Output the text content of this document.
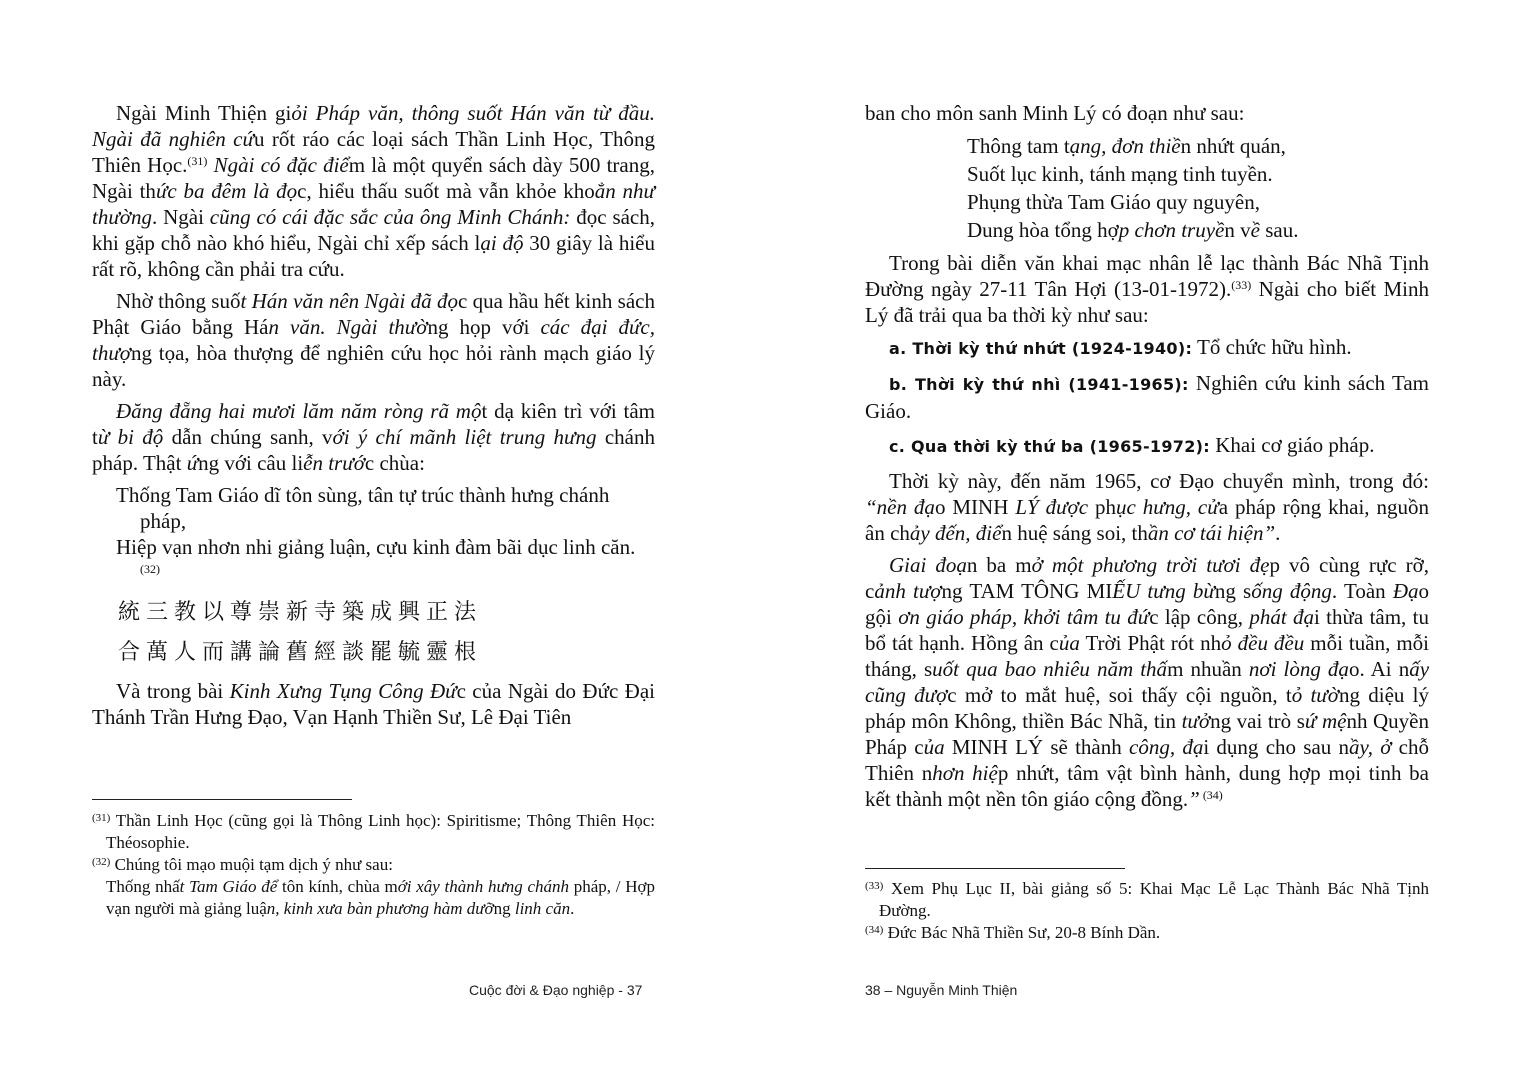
Ngài Minh Thiện giỏi Pháp văn, thông suốt Hán văn từ đầu. Ngài đã nghiên cứu rốt ráo các loại sách Thần Linh Học, Thông Thiên Học.$^{(31)}$ Ngài có đặc điểm là một quyển sách dày 500 trang, Ngài thức ba đêm là đọc, hiểu thấu suốt mà vẫn khỏe khoẳn như thường. Ngài cũng có cái đặc sắc của ông Minh Chánh: đọc sách, khi gặp chỗ nào khó hiểu, Ngài chỉ xếp sách lại độ 30 giây là hiểu rất rõ, không cần phải tra cứu.

Nhờ thông suốt Hán văn nên Ngài đã đọc qua hầu hết kinh sách Phật Giáo bằng Hán văn. Ngài thường họp với các đại đức, thượng tọa, hòa thượng để nghiên cứu học hỏi rành mạch giáo lý này.

Đăng đẵng hai mươi lăm năm ròng rã một dạ kiên trì với tâm từ bi độ dẫn chúng sanh, với ý chí mãnh liệt trung hưng chánh pháp. Thật ứng với câu liễn trước chùa:

Thống Tam Giáo dĩ tôn sùng, tân tự trúc thành hưng chánh pháp,

Hiệp vạn nhơn nhi giảng luận, cựu kinh đàm bãi dục linh căn.$^{(32)}$

統三教以尊崇新寺築成興正法

合萬人而講論舊經談罷毓靈根

Và trong bài Kinh Xưng Tụng Công Đức của Ngài do Đức Đại Thánh Trần Hưng Đạo, Vạn Hạnh Thiền Sư, Lê Đại Tiên

$^{(31)}$ Thần Linh Học (cũng gọi là Thông Linh học): Spiritisme; Thông Thiên Học: Théosophie.

$^{(32)}$ Chúng tôi mạo muội tạm dịch ý như sau:

Thống nhất Tam Giáo để tôn kính, chùa mới xây thành hưng chánh pháp, / Hợp vạn người mà giảng luận, kinh xưa bàn phương hàm dưỡng linh căn.

Cuộc đời & Đạo nghiệp - 37

ban cho môn sanh Minh Lý có đoạn như sau:

Thông tam tạng, đơn thiền nhứt quán,

Suốt lục kinh, tánh mạng tinh tuyền.

Phụng thừa Tam Giáo quy nguyên,

Dung hòa tổng hợp chơn truyền về sau.

Trong bài diễn văn khai mạc nhân lễ lạc thành Bác Nhã Tịnh Đường ngày 27-11 Tân Hợi (13-01-1972).$^{(33)}$ Ngài cho biết Minh Lý đã trải qua ba thời kỳ như sau:

a. Thời kỳ thứ nhứt (1924-1940): Tổ chức hữu hình.

b. Thời kỳ thứ nhì (1941-1965): Nghiên cứu kinh sách Tam Giáo.

c. Qua thời kỳ thứ ba (1965-1972): Khai cơ giáo pháp.

Thời kỳ này, đến năm 1965, cơ Đạo chuyển mình, trong đó: “nền đạo MINH LÝ được phục hưng, cửa pháp rộng khai, nguồn ân chảy đến, điển huệ sáng soi, thần cơ tái hiện”.

Giai đoạn ba mở một phương trời tươi đẹp vô cùng rực rỡ, cảnh tượng TAM TÔNG MIẾU tưng bừng sống động. Toàn Đạo gội ơn giáo pháp, khởi tâm tu đức lập công, phát đại thừa tâm, tu bổ tát hạnh. Hồng ân của Trời Phật rót nhỏ đều đều mỗi tuần, mỗi tháng, suốt qua bao nhiêu năm thấm nhuần nơi lòng đạo. Ai nấy cũng được mở to mắt huệ, soi thấy cội nguồn, tỏ tường diệu lý pháp môn Không, thiền Bác Nhã, tin tưởng vai trò sứ mệnh Quyền Pháp của MINH LÝ sẽ thành công, đại dụng cho sau nầy, ở chỗ Thiên nhơn hiệp nhứt, tâm vật bình hành, dung hợp mọi tinh ba kết thành một nền tôn giáo cộng đồng.” $^{(34)}$

$^{(33)}$ Xem Phụ Lục II, bài giảng số 5: Khai Mạc Lễ Lạc Thành Bác Nhã Tịnh Đường.

$^{(34)}$ Đức Bác Nhã Thiền Sư, 20-8 Bính Dần.

38 – Nguyễn Minh Thiện
